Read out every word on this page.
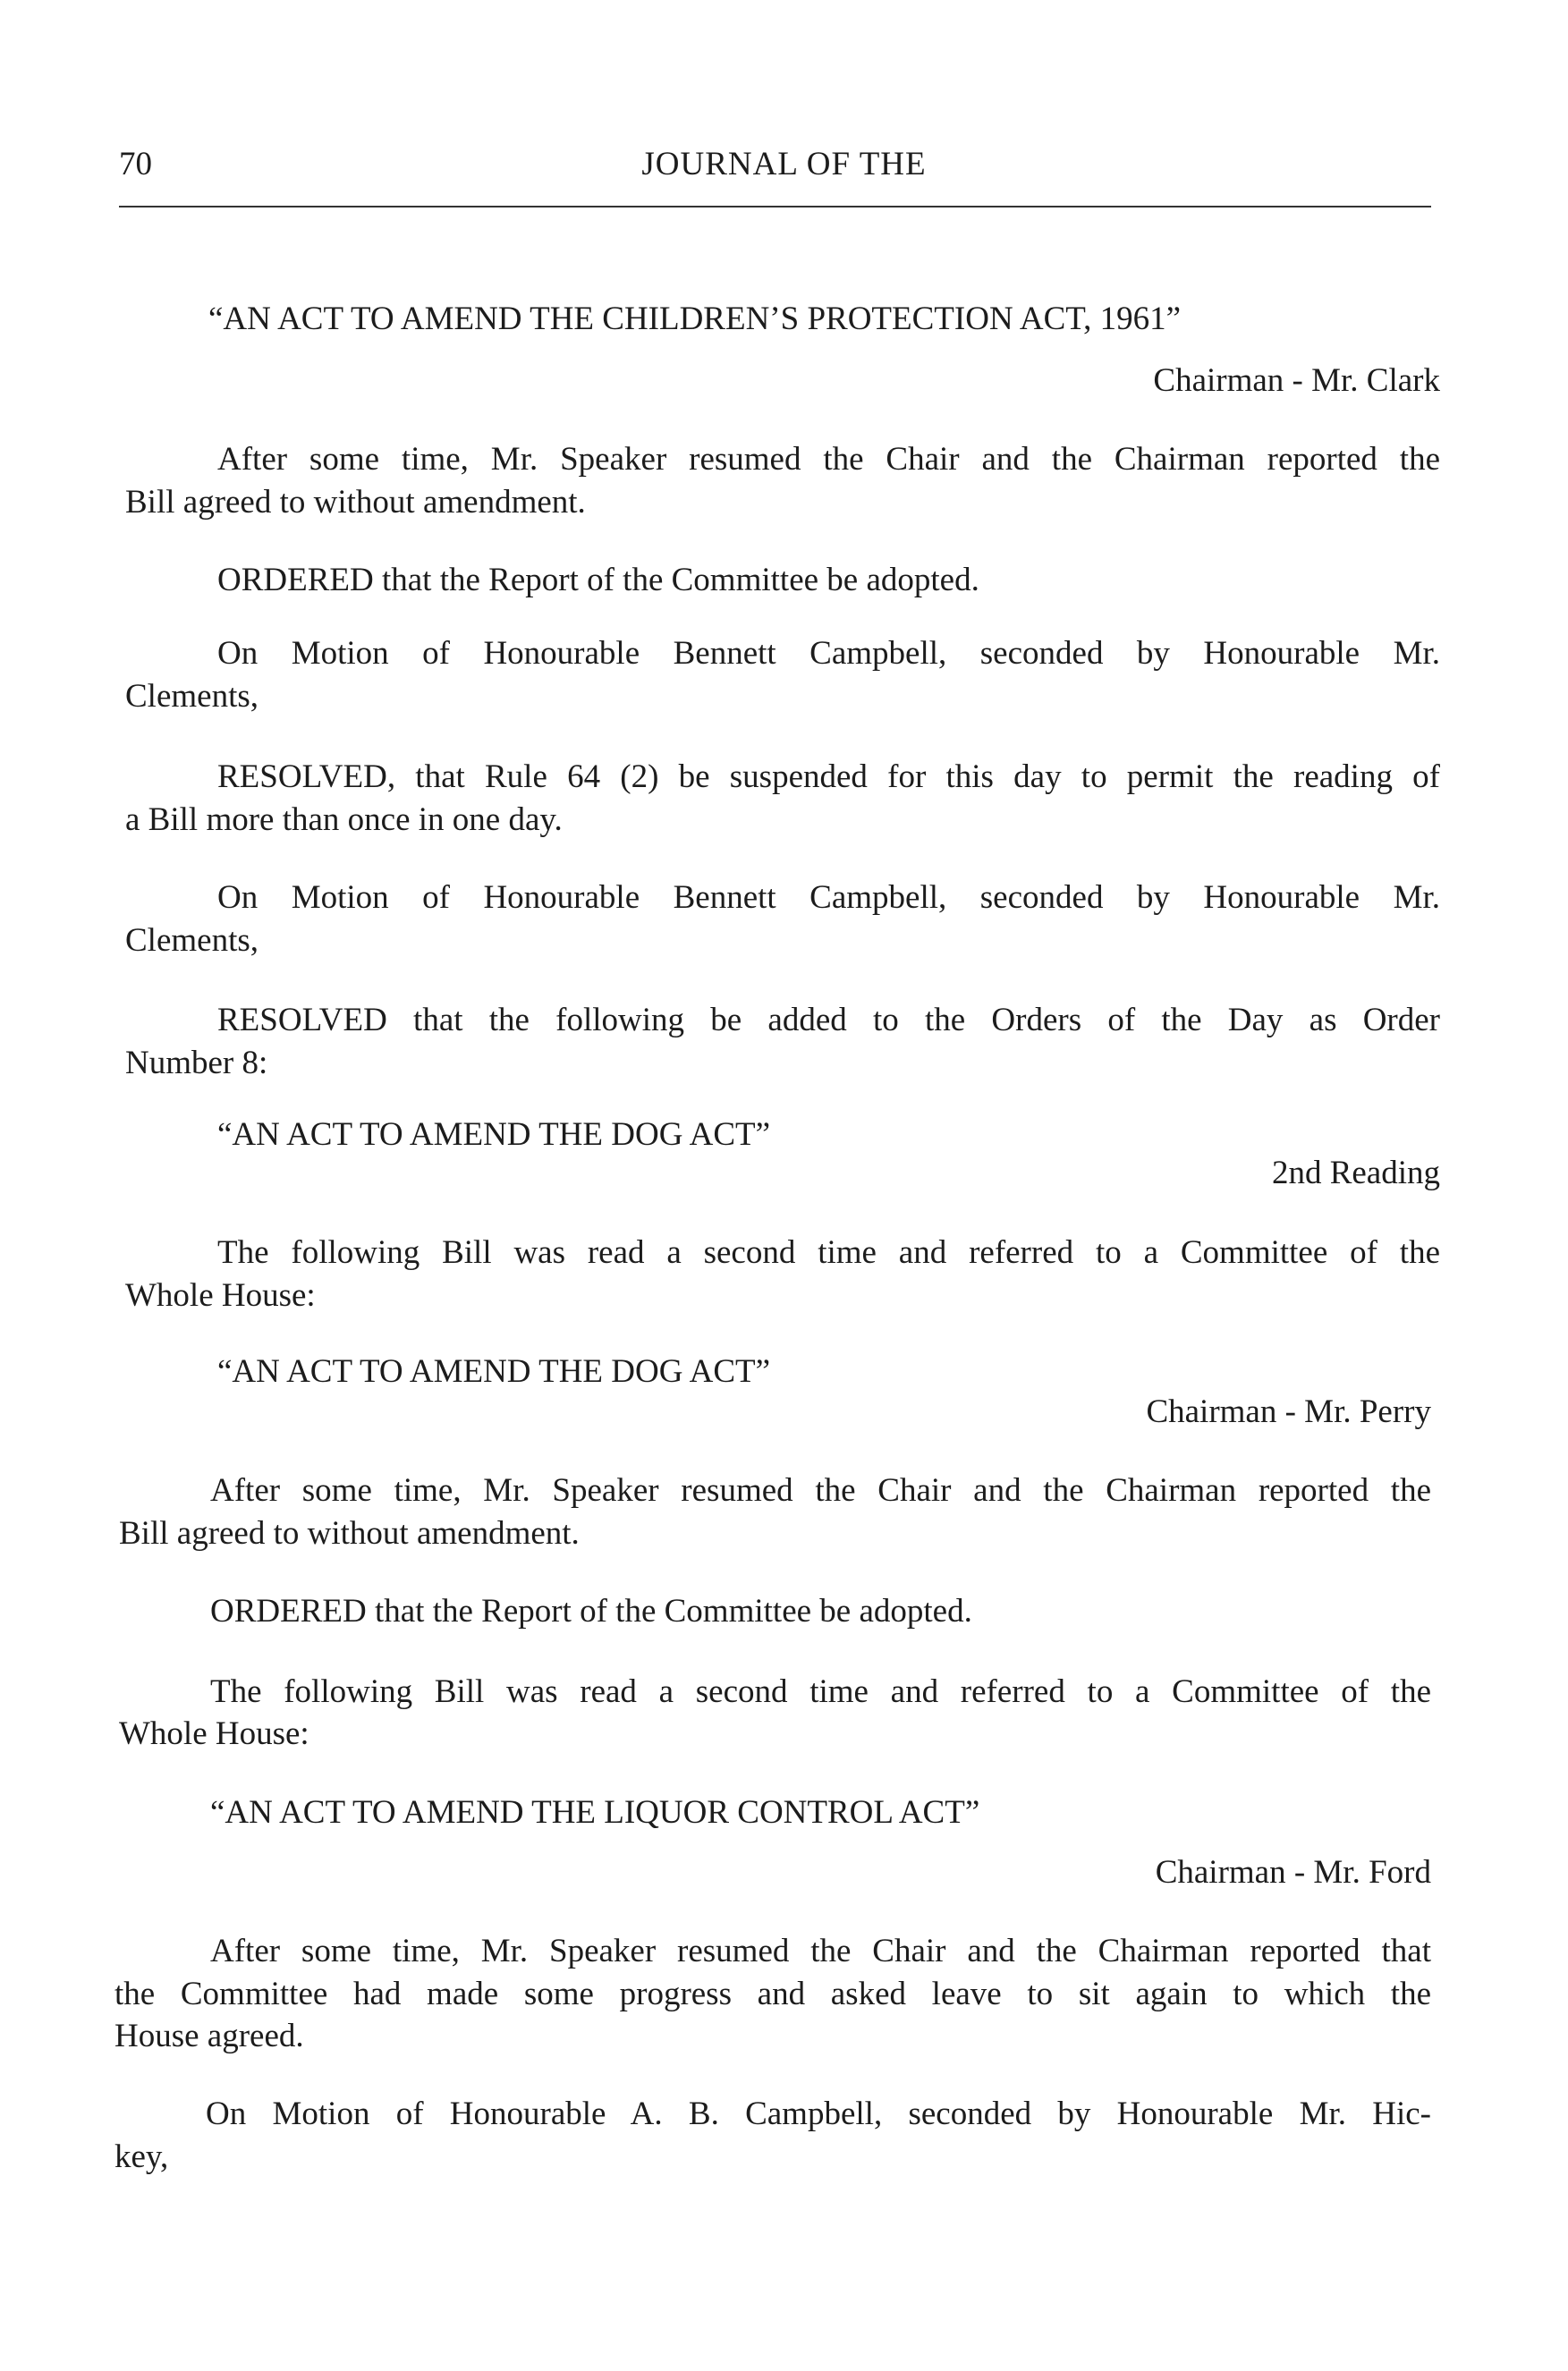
70	JOURNAL OF THE
“AN ACT TO AMEND THE CHILDREN’S PROTECTION ACT, 1961”
Chairman - Mr. Clark
After some time, Mr. Speaker resumed the Chair and the Chairman reported the
Bill agreed to without amendment.
ORDERED that the Report of the Committee be adopted.
On Motion of Honourable Bennett Campbell, seconded by Honourable Mr.
Clements,
RESOLVED, that Rule 64 (2) be suspended for this day to permit the reading of
a Bill more than once in one day.
On Motion of Honourable Bennett Campbell, seconded by Honourable Mr.
Clements,
RESOLVED that the following be added to the Orders of the Day as Order
Number 8:
“AN ACT TO AMEND THE DOG ACT”
2nd Reading
The following Bill was read a second time and referred to a Committee of the
Whole House:
“AN ACT TO AMEND THE DOG ACT”
Chairman - Mr. Perry
After some time, Mr. Speaker resumed the Chair and the Chairman reported the
Bill agreed to without amendment.
ORDERED that the Report of the Committee be adopted.
The following Bill was read a second time and referred to a Committee of the
Whole House:
“AN ACT TO AMEND THE LIQUOR CONTROL ACT”
Chairman - Mr. Ford
After some time, Mr. Speaker resumed the Chair and the Chairman reported that
the Committee had made some progress and asked leave to sit again to which the
House agreed.
On Motion of Honourable A. B. Campbell, seconded by Honourable Mr. Hic-
key,
